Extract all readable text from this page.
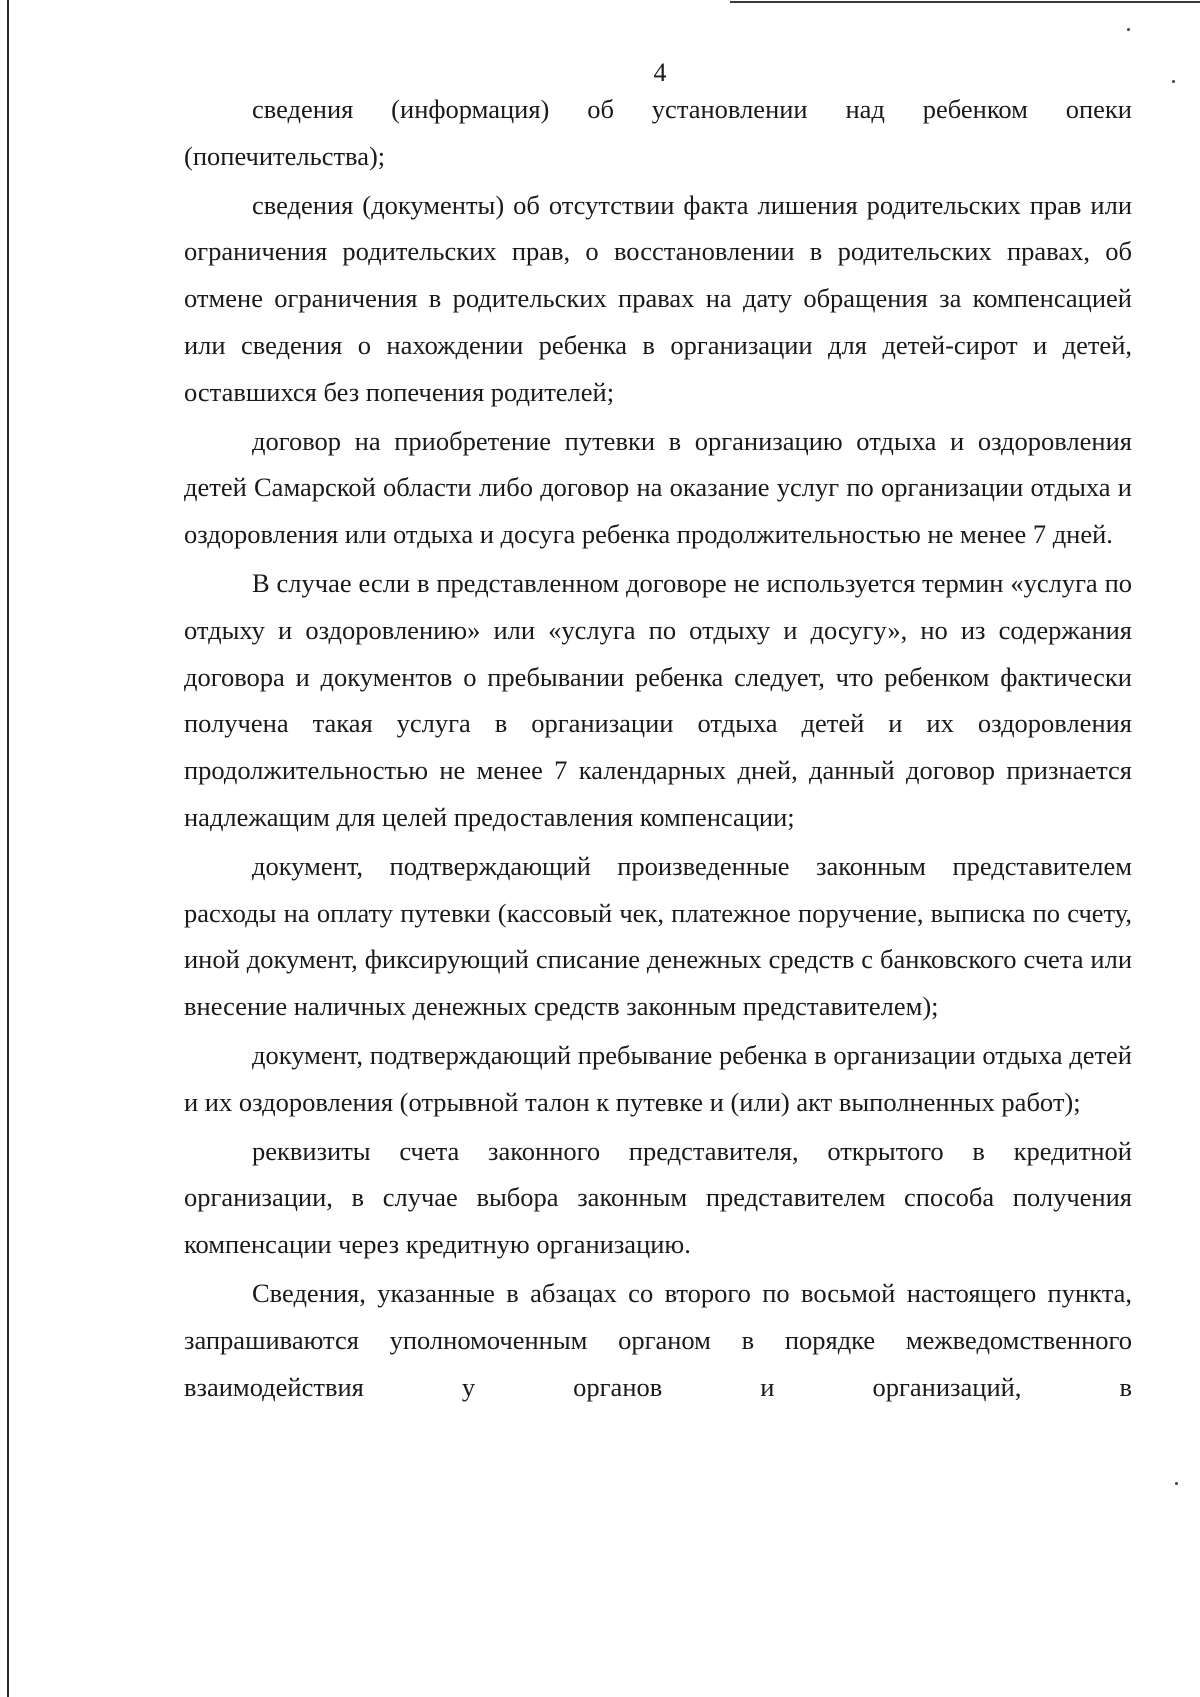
4

сведения (информация) об установлении над ребенком опеки (попечительства);

сведения (документы) об отсутствии факта лишения родительских прав или ограничения родительских прав, о восстановлении в родительских правах, об отмене ограничения в родительских правах на дату обращения за компенсацией или сведения о нахождении ребенка в организации для детей-сирот и детей, оставшихся без попечения родителей;

договор на приобретение путевки в организацию отдыха и оздоровления детей Самарской области либо договор на оказание услуг по организации отдыха и оздоровления или отдыха и досуга ребенка продолжительностью не менее 7 дней.

В случае если в представленном договоре не используется термин «услуга по отдыху и оздоровлению» или «услуга по отдыху и досугу», но из содержания договора и документов о пребывании ребенка следует, что ребенком фактически получена такая услуга в организации отдыха детей и их оздоровления продолжительностью не менее 7 календарных дней, данный договор признается надлежащим для целей предоставления компенсации;

документ, подтверждающий произведенные законным представителем расходы на оплату путевки (кассовый чек, платежное поручение, выписка по счету, иной документ, фиксирующий списание денежных средств с банковского счета или внесение наличных денежных средств законным представителем);

документ, подтверждающий пребывание ребенка в организации отдыха детей и их оздоровления (отрывной талон к путевке и (или) акт выполненных работ);

реквизиты счета законного представителя, открытого в кредитной организации, в случае выбора законным представителем способа получения компенсации через кредитную организацию.

Сведения, указанные в абзацах со второго по восьмой настоящего пункта, запрашиваются уполномоченным органом в порядке межведомственного взаимодействия у органов и организаций, в
